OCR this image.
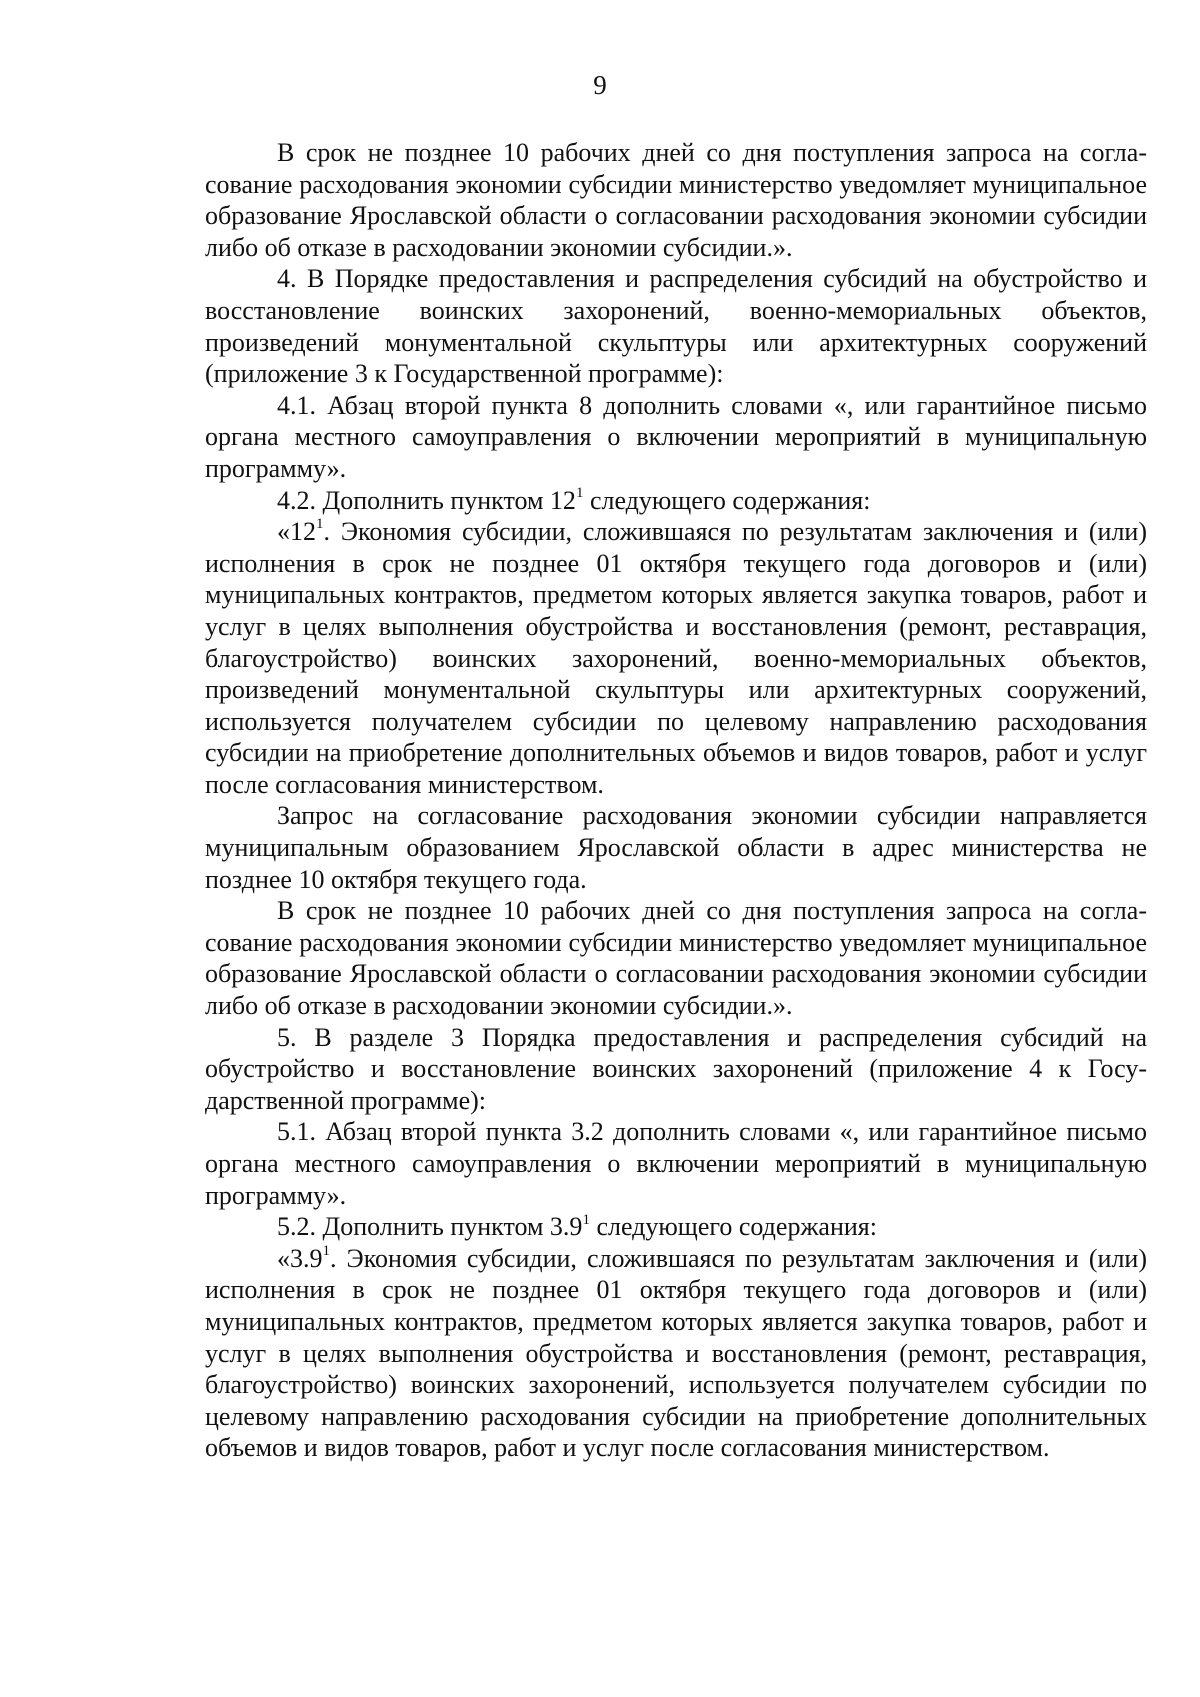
9

В срок не позднее 10 рабочих дней со дня поступления запроса на согласование расходования экономии субсидии министерство уведомляет муниципальное образование Ярославской области о согласовании расходования экономии субсидии либо об отказе в расходовании экономии субсидии.».

4. В Порядке предоставления и распределения субсидий на обустройство и восстановление воинских захоронений, военно-мемориальных объектов, произведений монументальной скульптуры или архитектурных сооружений (приложение 3 к Государственной программе):

4.1. Абзац второй пункта 8 дополнить словами «, или гарантийное письмо органа местного самоуправления о включении мероприятий в муниципальную программу».

4.2. Дополнить пунктом $12^1$ следующего содержания:

«$12^1$. Экономия субсидии, сложившаяся по результатам заключения и (или) исполнения в срок не позднее 01 октября текущего года договоров и (или) муниципальных контрактов, предметом которых является закупка товаров, работ и услуг в целях выполнения обустройства и восстановления (ремонт, реставрация, благоустройство) воинских захоронений, военно-мемориальных объектов, произведений монументальной скульптуры или архитектурных сооружений, используется получателем субсидии по целевому направлению расходования субсидии на приобретение дополнительных объемов и видов товаров, работ и услуг после согласования министерством.

Запрос на согласование расходования экономии субсидии направляется муниципальным образованием Ярославской области в адрес министерства не позднее 10 октября текущего года.

В срок не позднее 10 рабочих дней со дня поступления запроса на согласование расходования экономии субсидии министерство уведомляет муниципальное образование Ярославской области о согласовании расходования экономии субсидии либо об отказе в расходовании экономии субсидии.».

5. В разделе 3 Порядка предоставления и распределения субсидий на обустройство и восстановление воинских захоронений (приложение 4 к Государственной программе):

5.1. Абзац второй пункта 3.2 дополнить словами «, или гарантийное письмо органа местного самоуправления о включении мероприятий в муниципальную программу».

5.2. Дополнить пунктом $3.9^1$ следующего содержания:

«$3.9^1$. Экономия субсидии, сложившаяся по результатам заключения и (или) исполнения в срок не позднее 01 октября текущего года договоров и (или) муниципальных контрактов, предметом которых является закупка товаров, работ и услуг в целях выполнения обустройства и восстановления (ремонт, реставрация, благоустройство) воинских захоронений, используется получателем субсидии по целевому направлению расходования субсидии на приобретение дополнительных объемов и видов товаров, работ и услуг после согласования министерством.
